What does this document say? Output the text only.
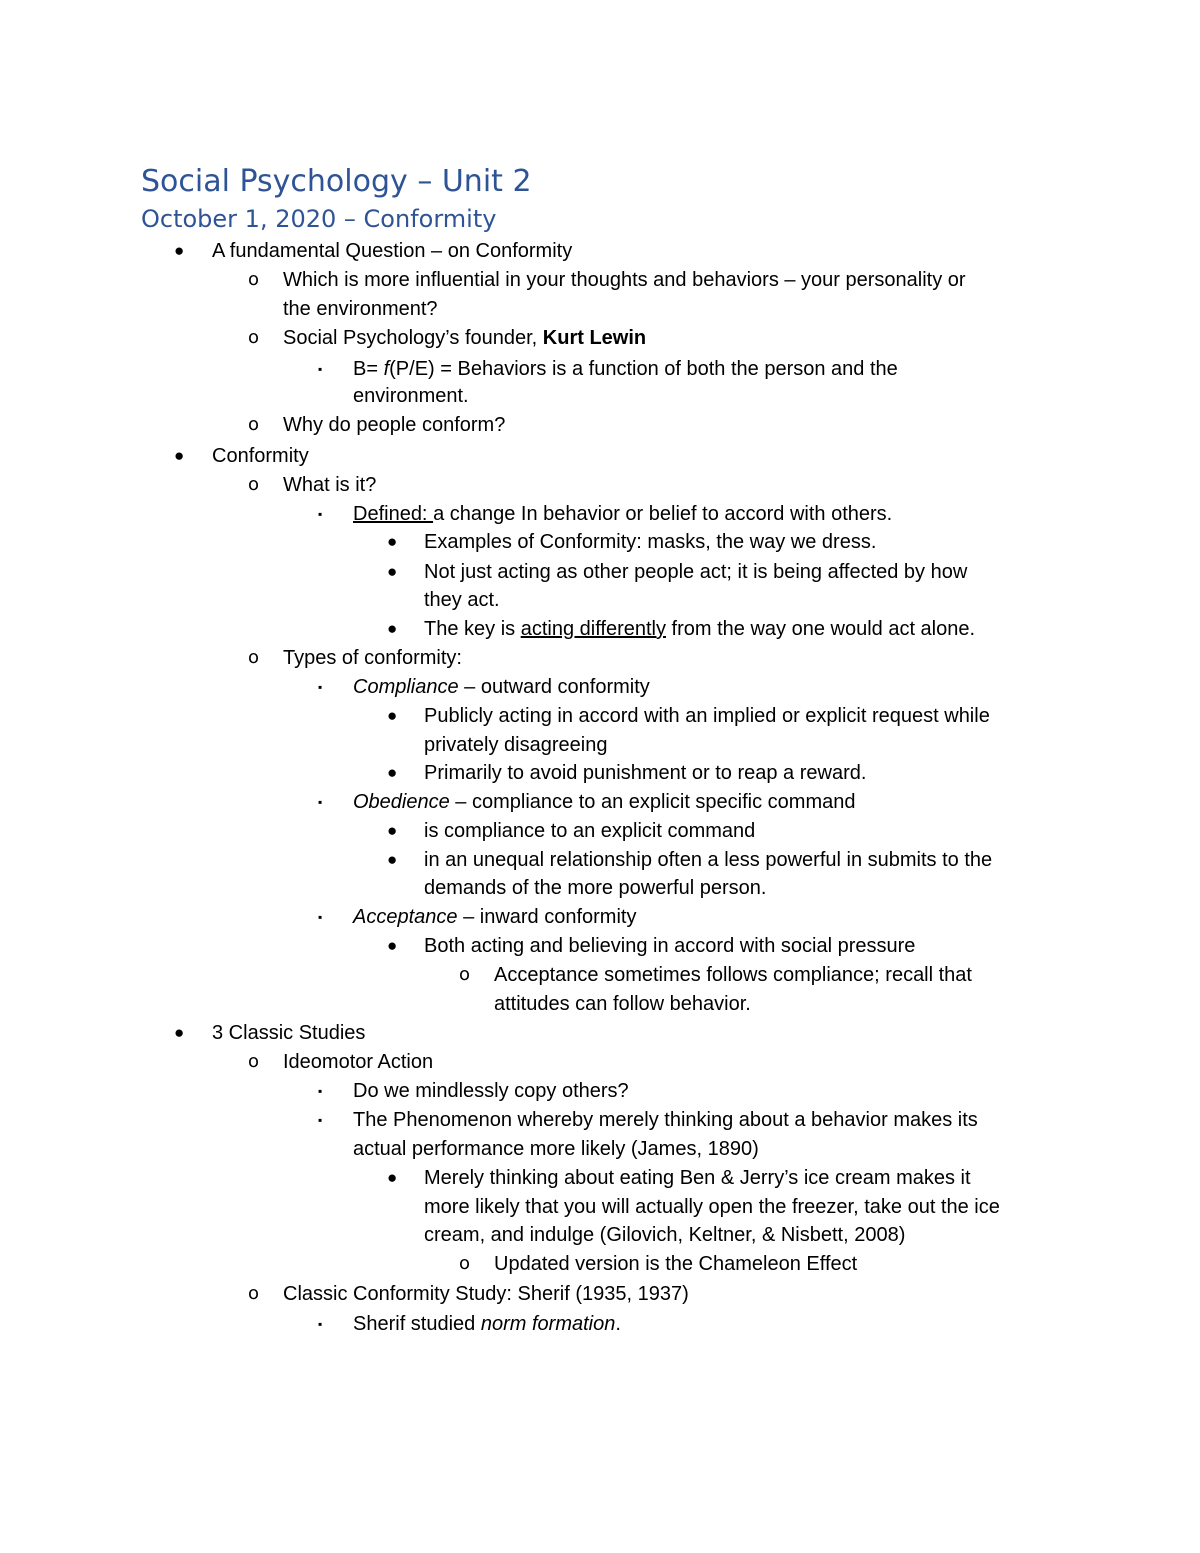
Social Psychology – Unit 2
October 1, 2020 – Conformity
● A fundamental Question – on Conformity
o Which is more influential in your thoughts and behaviors – your personality or
the environment?
o Social Psychology’s founder, Kurt Lewin
▪ B= f(P/E) = Behaviors is a function of both the person and the
environment.
o Why do people conform?
● Conformity
o What is it?
▪ Defined: a change In behavior or belief to accord with others.
● Examples of Conformity: masks, the way we dress.
● Not just acting as other people act; it is being affected by how
they act.
● The key is acting differently from the way one would act alone.
o Types of conformity:
▪ Compliance – outward conformity
● Publicly acting in accord with an implied or explicit request while
privately disagreeing
● Primarily to avoid punishment or to reap a reward.
▪ Obedience – compliance to an explicit specific command
● is compliance to an explicit command
● in an unequal relationship often a less powerful in submits to the
demands of the more powerful person.
▪ Acceptance – inward conformity
● Both acting and believing in accord with social pressure
o Acceptance sometimes follows compliance; recall that
attitudes can follow behavior.
● 3 Classic Studies
o Ideomotor Action
▪ Do we mindlessly copy others?
▪ The Phenomenon whereby merely thinking about a behavior makes its
actual performance more likely (James, 1890)
● Merely thinking about eating Ben & Jerry’s ice cream makes it
more likely that you will actually open the freezer, take out the ice
cream, and indulge (Gilovich, Keltner, & Nisbett, 2008)
o Updated version is the Chameleon Effect
o Classic Conformity Study: Sherif (1935, 1937)
▪ Sherif studied norm formation.
